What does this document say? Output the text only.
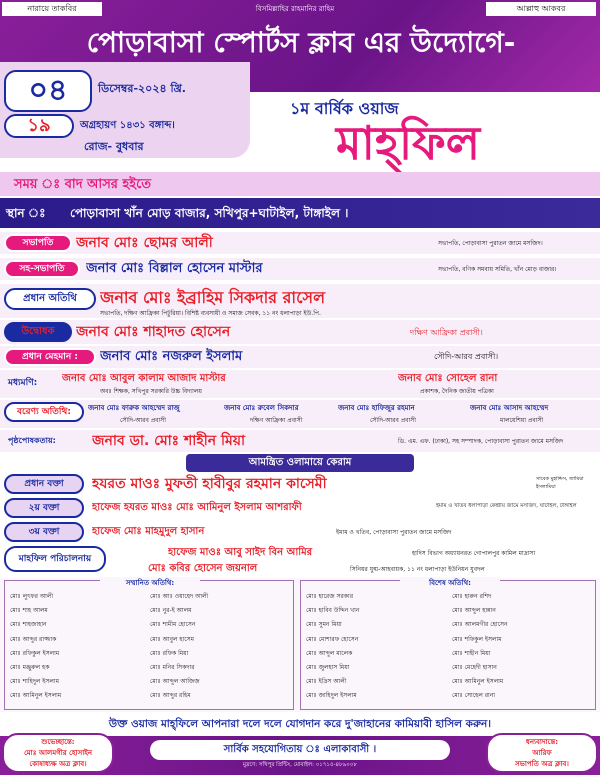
নারায়ে তাকবির	বিসমিল্লাহির রাহমানির রাহিম	আল্লাহু আকবর
পোড়াবাসা স্পোর্টস ক্লাব এর উদ্যোগে-
০৪	ডিসেম্বর-২০২৪ খ্রি.
১৯	অগ্রহায়ণ ১৪৩১ বঙ্গাব্দ।
রোজ- বুধবার
১ম বার্ষিক ওয়াজ
মাহ্‌ফিল
সময় ঃ বাদ আসর হইতে
স্থান ঃ	পোড়াবাসা খাঁন মোড় বাজার, সখিপুর+ঘাটাইল, টাঙ্গাইল ।
সভাপতি	জনাব মোঃ ছোমর আলী	সভাপতি, পোড়াবাসা পুরাতন জামে মসজিদ।
সহ-সভাপতি	জনাব মোঃ বিল্লাল হোসেন মাস্টার	সভাপতি, বণিক সমবায় সমিতি, খাঁন মোড় বাজার।
প্রধান অতিথি	জনাব মোঃ ইব্রাহিম সিকদার রাসেল
সভাপতি, দক্ষিণ আফ্রিকা পিটুরিয়া। বিশিষ্ট ব্যবসায়ী ও সমাজ সেবক, ১১ নং ধলাপাড়া ইউ.পি.
উদ্বোধক	জনাব মোঃ শাহাদত হোসেন	দক্ষিণ আফ্রিকা প্রবাসী।
প্রধান মেহমান :	জনাব মোঃ নজরুল ইসলাম	সৌদি-আরব প্রবাসী।
মধ্যমণি:	জনাব মোঃ আবুল কালাম আজাদ মাস্টার
অবঃ শিক্ষক, সখিপুর সরকারি উচ্চ বিদ্যালয়
জনাব মোঃ সোহেল রানা
প্রকাশক, দৈনিক জাতীয় পত্রিকা
বরেণ্য অতিথি:	জনাব মোঃ ফারুক আহম্মেদ রাজু
সৌদি-আরব প্রবাসী
জনাব মোঃ রুবেল সিকদার
দক্ষিণ আফ্রিকা প্রবাসী
জনাব মোঃ হাফিজুর রহমান
সৌদি-আরব প্রবাসী
জনাব মোঃ আসাদ আহম্মেদ
মালয়েশিয়া প্রবাসী
পৃষ্ঠপোষকতায়:	জনাব ডা. মোঃ শাহীন মিয়া	ডি. এম. এফ. (ঢাকা), সহ সম্পাদক, পোড়াবাসা পুরাতন জামে মসজিদ
আমন্ত্রিত ওলামায়ে কেরাম
প্রধান বক্তা	হযরত মাওঃ মুফতী হাবীবুর রহমান কাসেমী	সাবেক মুহাদ্দিস, জামিয়া ইসলামিয়া
২য় বক্তা	হাফেজ হযরত মাওঃ মোঃ আমিনুল ইসলাম আশরাফী	ইমাম ও খতিব ধলাপাড়া কেন্দ্রীয় জামে মসজিদ, ঘাটাইল, টাঙ্গাইল
৩য় বক্তা	হাফেজ মোঃ মাহমুদুল হাসান	ইমাম ও খতিব, পোড়াবাসা পুরাতন জামে মসজিদ
মাহফিল পরিচালনায়
হাফেজ মাওঃ আবু সাইদ বিন আমির	হাদিস বিভাগ অধ্যায়নরত গোপালপুর কামিল মাদ্রাসা
মোঃ কবির হোসেন জয়নাল	সিনিয়র যুগ্ম-আহবায়ক, ১১ নং ধলাপাড়া ইউনিয়ন যুবদল
সম্মানিত অতিথি:
মোঃ লুৎফর আলী
মোঃ শাহ আলম
মোঃ শাহজাহান
মোঃ আব্দুর রাজ্জাক
মোঃ রফিকুল ইসলাম
মোঃ মঞ্জুরুল হক
মোঃ শাহিদুল ইসলাম
মোঃ আমিনুল ইসলাম
মোঃ আঃ ওয়াহেদ আলী
মোঃ নুর-ই আলম
মোঃ শামীম হোসেন
মোঃ আবুল হাসেম
মোঃ রফিক মিয়া
মোঃ মনির সিকদার
মোঃ আব্দুল আজিজ
মোঃ আব্দুর রহিম
বিশেষ অতিথি:
মোঃ হারেজ সরকার
মোঃ হাবিব উদ্দিন খান
মোঃ সুমন মিয়া
মোঃ মোশারফ হোসেন
মোঃ আব্দুল মালেক
মোঃ জুলহাস মিয়া
মোঃ ইদ্রিস আলী
মোঃ জাহিদুল ইসলাম
মোঃ হারুন রশিদ
মোঃ আব্দুল হান্নান
মোঃ আলমগীর হোসেন
মোঃ শফিকুল ইসলাম
মোঃ শাহীন মিয়া
মোঃ মেহেদী হাসান
মোঃ আমিনুল ইসলাম
মোঃ সোহেল রানা
উক্ত ওয়াজ মাহ্‌ফিলে আপনারা দলে দলে যোগদান করে দু'জাহানের কামিয়াবী হাসিল করুন।
শুভেচ্ছান্তে:
মোঃ আলমগীর হোসাইন
কোষাধ্যক্ষ অত্র ক্লাব।
সার্বিক সহযোগিতায় ঃ এলাকাবাসী ।
মুদ্রণে: সখিপুর প্রিন্টিং, মোবাইল: ০১৭১৫-৪৮৯০০৮
ধন্যবাদান্তে:
আরিফ
সভাপতি অত্র ক্লাব।
